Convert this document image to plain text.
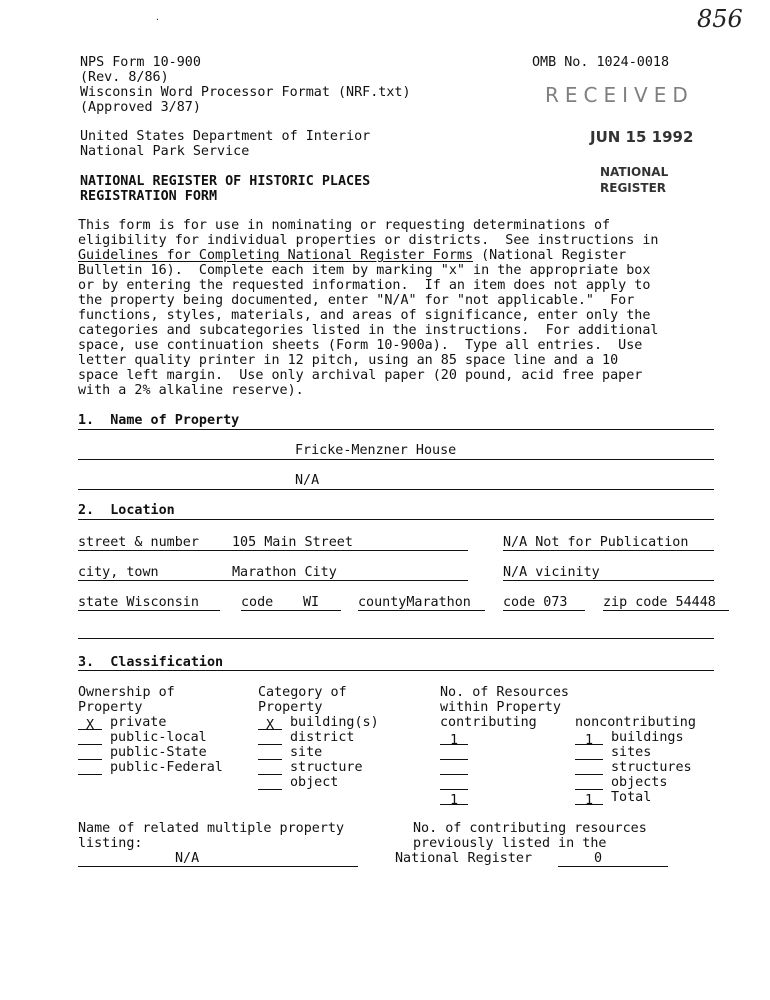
856
·
NPS Form 10-900
(Rev. 8/86)
Wisconsin Word Processor Format (NRF.txt)
(Approved 3/87)
OMB No. 1024-0018
United States Department of Interior
National Park Service
NATIONAL REGISTER OF HISTORIC PLACES
REGISTRATION FORM
RECEIVED
JUN 15 1992
NATIONAL
REGISTER
This form is for use in nominating or requesting determinations of
eligibility for individual properties or districts.  See instructions in
Guidelines for Completing National Register Forms (National Register
Bulletin 16).  Complete each item by marking "x" in the appropriate box
or by entering the requested information.  If an item does not apply to
the property being documented, enter "N/A" for "not applicable."  For
functions, styles, materials, and areas of significance, enter only the
categories and subcategories listed in the instructions.  For additional
space, use continuation sheets (Form 10-900a).  Type all entries.  Use
letter quality printer in 12 pitch, using an 85 space line and a 10
space left margin.  Use only archival paper (20 pound, acid free paper
with a 2% alkaline reserve).
1.  Name of Property
Fricke-Menzner House
N/A
2.  Location
street & number 105 Main Street	N/A Not for Publication
city, town	Marathon City	N/A vicinity
state Wisconsin	code WI	countyMarathon code 073	zip code 54448
3.  Classification
Ownership of
Property
X private
public-local
public-State
public-Federal
Category of
Property
X building(s)
district
site
structure
object
No. of Resources
within Property
contributing	noncontributing
1	1 buildings
sites
structures
objects
1	1 Total
Name of related multiple property
listing:
N/A
No. of contributing resources
previously listed in the
National Register	0
